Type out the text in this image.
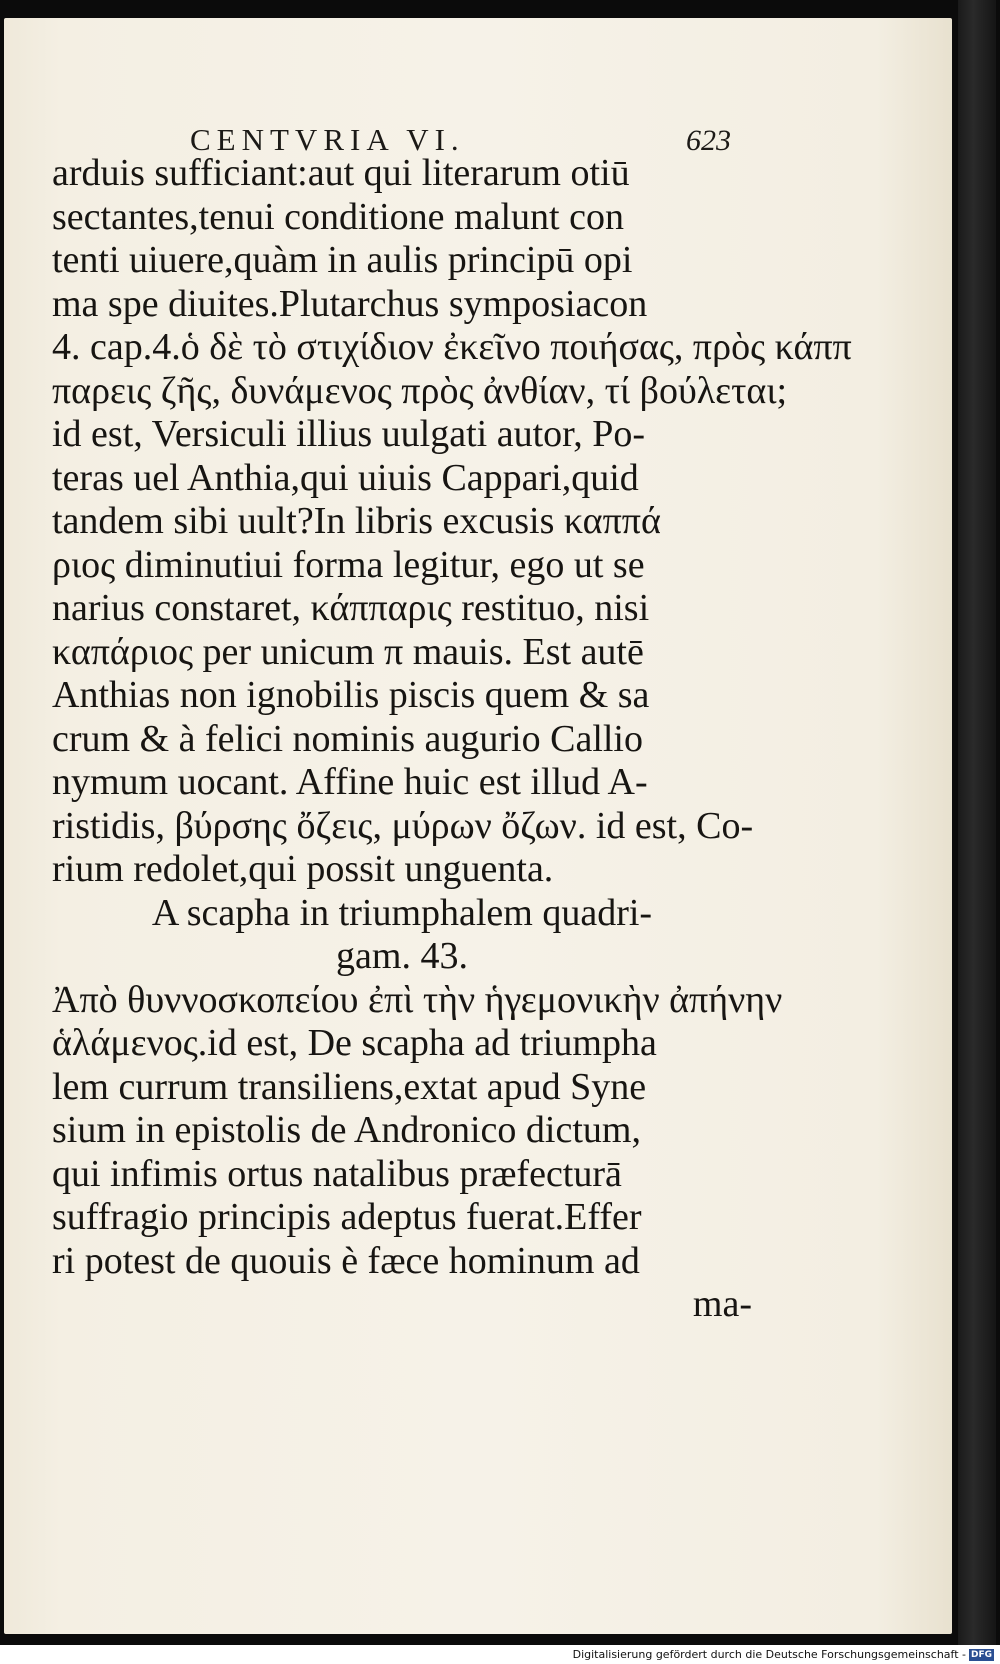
CENTVRIA VI.	623
arduis sufficiant:aut qui literarum otiū
sectantes,tenui conditione malunt con
tenti uiuere,quàm in aulis principū opi
ma spe diuites.Plutarchus symposiacon
4. cap.4.ὁ δὲ τὸ στιχίδιον ἐκεῖνο ποιήσας, πρὸς κάππ
παρεις ζῆς, δυνάμενος πρὸς ἀνθίαν, τί βούλεται;
id est, Versiculi illius uulgati autor, Po-
teras uel Anthia,qui uiuis Cappari,quid
tandem sibi uult?In libris excusis καππά
ριος diminutiui forma legitur, ego ut se
narius constaret, κάππαρις restituo, nisi
καπάριος per unicum π mauis. Est autē
Anthias non ignobilis piscis quem & sa
crum & à felici nominis augurio Callio
nymum uocant. Affine huic est illud A-
ristidis, βύρσης ὄζεις, μύρων ὄζων. id est, Co-
rium redolet,qui possit unguenta.
A scapha in triumphalem quadri-
gam. 43.
Ἀπὸ θυννοσκοπείου ἐπὶ τὴν ἡγεμονικὴν ἀπήνην
ἁλάμενος.id est, De scapha ad triumpha
lem currum transiliens,extat apud Syne
sium in epistolis de Andronico dictum,
qui infimis ortus natalibus præfecturā
suffragio principis adeptus fuerat.Effer
ri potest de quouis è fæce hominum ad
ma-
Digitalisierung gefördert durch die Deutsche Forschungsgemeinschaft - DFG
